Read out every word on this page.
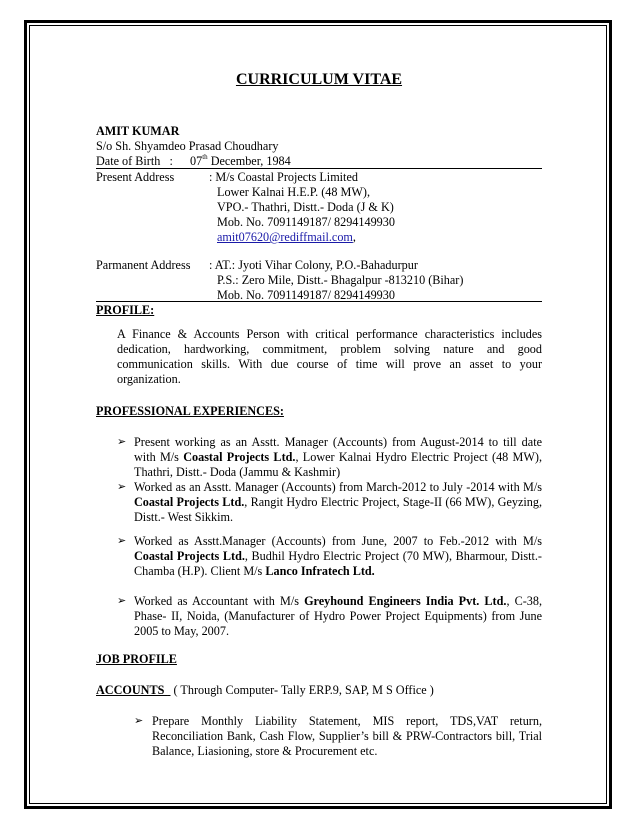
CURRICULUM VITAE
AMIT KUMAR
S/o Sh. Shyamdeo Prasad Choudhary
Date of Birth   : 07th December, 1984
Present Address	: M/s Coastal Projects Limited
Lower Kalnai H.E.P. (48 MW),
VPO.- Thathri, Distt.- Doda (J & K)
Mob. No. 7091149187/ 8294149930
amit07620@rediffmail.com,
Parmanent Address : AT.: Jyoti Vihar Colony, P.O.-Bahadurpur
P.S.: Zero Mile, Distt.- Bhagalpur -813210 (Bihar)
Mob. No. 7091149187/ 8294149930
PROFILE:
A Finance & Accounts Person with critical performance characteristics includes dedication, hardworking, commitment, problem solving nature and good communication skills. With due course of time will prove an asset to your organization.
PROFESSIONAL EXPERIENCES:
➢ Present working as an Asstt. Manager (Accounts) from August-2014 to till date with M/s Coastal Projects Ltd., Lower Kalnai Hydro Electric Project (48 MW), Thathri, Distt.- Doda (Jammu & Kashmir)
➢ Worked as an Asstt. Manager (Accounts) from March-2012 to July -2014 with M/s Coastal Projects Ltd., Rangit Hydro Electric Project, Stage-II (66 MW), Geyzing, Distt.- West Sikkim.
➢ Worked as Asstt.Manager (Accounts) from June, 2007 to Feb.-2012 with M/s Coastal Projects Ltd., Budhil Hydro Electric Project (70 MW), Bharmour, Distt.- Chamba (H.P). Client M/s Lanco Infratech Ltd.
➢ Worked as Accountant with M/s Greyhound Engineers India Pvt. Ltd., C-38, Phase- II, Noida, (Manufacturer of Hydro Power Project Equipments) from June 2005 to May, 2007.
JOB PROFILE
ACCOUNTS   ( Through Computer- Tally ERP.9, SAP, M S Office )
➢ Prepare Monthly Liability Statement, MIS report, TDS,VAT return, Reconciliation Bank, Cash Flow, Supplier’s bill & PRW-Contractors bill, Trial Balance, Liasioning, store & Procurement etc.
